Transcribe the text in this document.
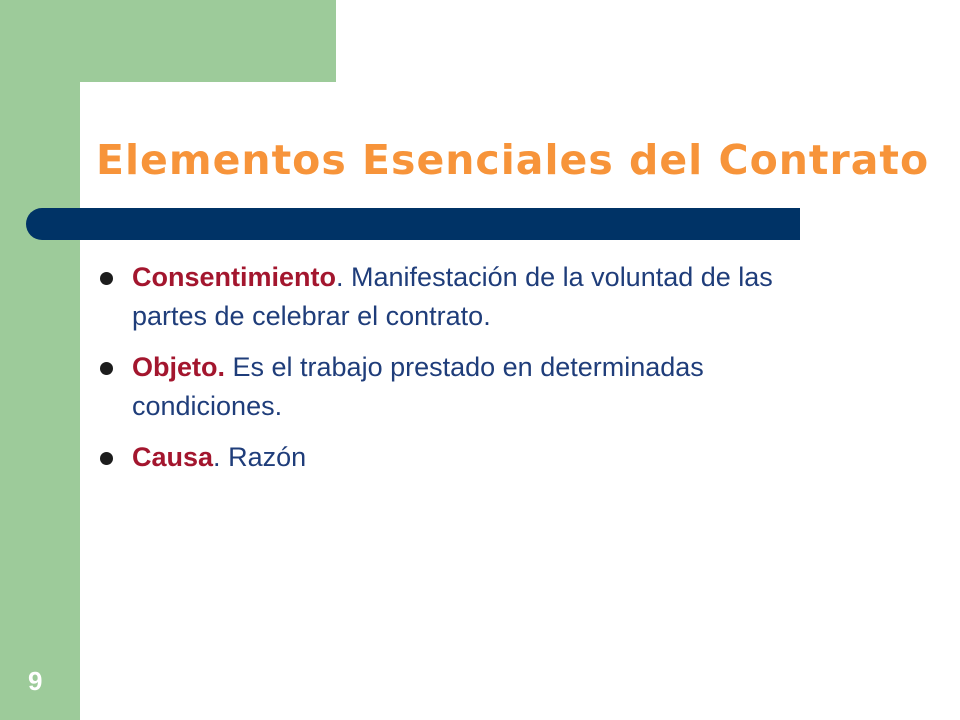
Elementos Esenciales del Contrato
Consentimiento. Manifestación de la voluntad de las partes de celebrar el contrato.
Objeto. Es el trabajo prestado en determinadas condiciones.
Causa. Razón
9
